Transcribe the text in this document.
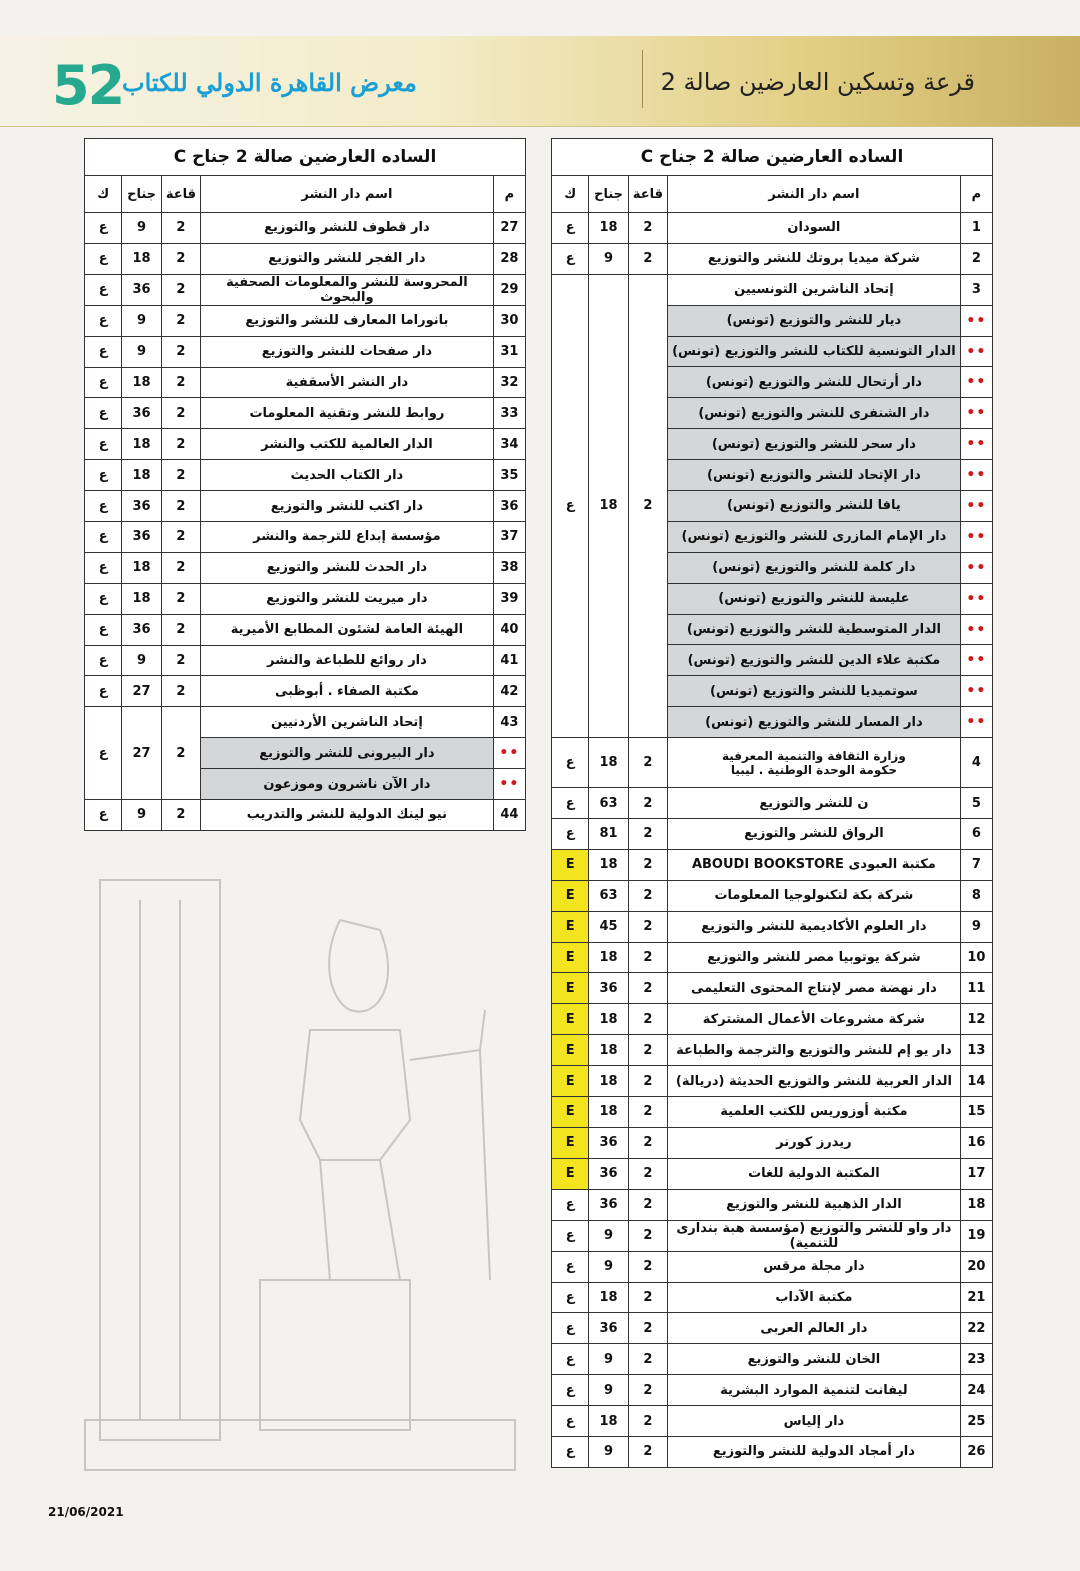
52
معرض القاهرة الدولي للكتاب	قرعة وتسكين العارضين صالة 2
الساده العارضين صالة 2 جناح C				
م	اسم دار النشر	قاعة	جناح	ك
1	السودان	2	18	ع
2	شركة ميديا بروتك للنشر والتوزيع	2	9	ع
3	إتحاد الناشرين التونسيين	2	18	ع
••	ديار للنشر والتوزيع (تونس)			

••	الدار التونسية للكتاب للنشر والتوزيع (تونس)			

••	دار أرتحال للنشر والتوزيع (تونس)			

••	دار الشنفرى للنشر والتوزيع (تونس)			

••	دار سحر للنشر والتوزيع (تونس)			

••	دار الإتحاد للنشر والتوزيع (تونس)			

••	يافا للنشر والتوزيع (تونس)			

••	دار الإمام المازرى للنشر والتوزيع (تونس)			

••	دار كلمة للنشر والتوزيع (تونس)			

••	عليسة للنشر والتوزيع (تونس)			

••	الدار المتوسطية للنشر والتوزيع (تونس)			

••	مكتبة علاء الدين للنشر والتوزيع (تونس)			

••	سوتميديا للنشر والتوزيع (تونس)			

••	دار المسار للنشر والتوزيع (تونس)			

4	وزارة الثقافة والتنمية المعرفية
حكومة الوحدة الوطنية . ليبيا	2	18	ع
5	ن للنشر والتوزيع	2	63	ع
6	الرواق للنشر والتوزيع	2	81	ع
7	مكتبة العبودى ABOUDI BOOKSTORE	2	18	E
8	شركة بكة لتكنولوجيا المعلومات	2	63	E
9	دار العلوم الأكاديمية للنشر والتوزيع	2	45	E
10	شركة يوتوبيا مصر للنشر والتوزيع	2	18	E
11	دار نهضة مصر لإنتاج المحتوى التعليمى	2	36	E
12	شركة مشروعات الأعمال المشتركة	2	18	E
13	دار يو إم للنشر والتوزيع والترجمة والطباعة	2	18	E
14	الدار العربية للنشر والتوزيع الحديثة (دريالة)	2	18	E
15	مكتبة أوزوريس للكتب العلمية	2	18	E
16	ريدرز كورنر	2	36	E
17	المكتبة الدولية للغات	2	36	E
18	الدار الذهبية للنشر والتوزيع	2	36	ع
19	دار واو للنشر والتوزيع (مؤسسة هبة بندارى للتنمية)	2	9	ع
20	دار مجلة مرقس	2	9	ع
21	مكتبة الآداب	2	18	ع
22	دار العالم العربى	2	36	ع
23	الخان للنشر والتوزيع	2	9	ع
24	ليفانت لتنمية الموارد البشرية	2	9	ع
25	دار إلياس	2	18	ع
26	دار أمجاد الدولية للنشر والتوزيع	2	9	ع
الساده العارضين صالة 2 جناح C				
م	اسم دار النشر	قاعة	جناح	ك
27	دار قطوف للنشر والتوزيع	2	9	ع
28	دار الفجر للنشر والتوزيع	2	18	ع
29	المحروسة للنشر والمعلومات الصحفية والبحوث	2	36	ع
30	بانوراما المعارف للنشر والتوزيع	2	9	ع
31	دار صفحات للنشر والتوزيع	2	9	ع
32	دار النشر الأسقفية	2	18	ع
33	روابط للنشر وتقنية المعلومات	2	36	ع
34	الدار العالمية للكتب والنشر	2	18	ع
35	دار الكتاب الحديث	2	18	ع
36	دار اكتب للنشر والتوزيع	2	36	ع
37	مؤسسة إبداع للترجمة والنشر	2	36	ع
38	دار الحدث للنشر والتوزيع	2	18	ع
39	دار ميريت للنشر والتوزيع	2	18	ع
40	الهيئة العامة لشئون المطابع الأميرية	2	36	ع
41	دار روائع للطباعة والنشر	2	9	ع
42	مكتبة الصفاء . أبوظبى	2	27	ع
43	إتحاد الناشرين الأردنيين	2	27	ع
••	دار البيرونى للنشر والتوزيع			

••	دار الآن ناشرون وموزعون			

44	نيو لينك الدولية للنشر والتدريب	2	9	ع
21/06/2021
